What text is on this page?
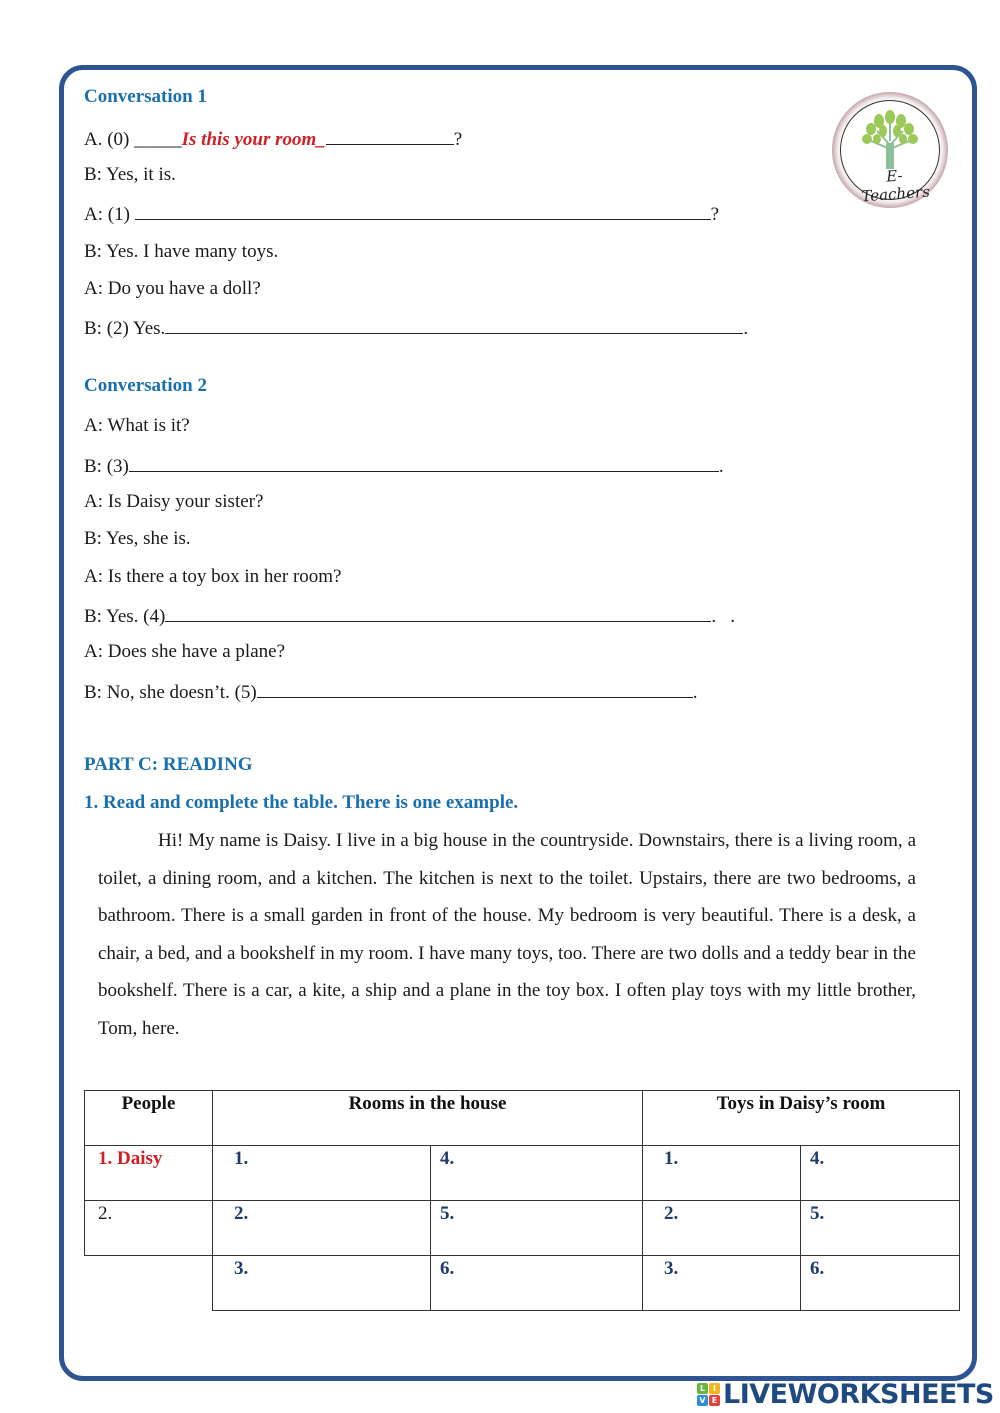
E-Teachers
Conversation 1
A. (0) _____Is this your room_	?
B: Yes, it is.
A: (1)	?
B: Yes. I have many toys.
A: Do you have a doll?
B: (2) Yes.	.
Conversation 2
A: What is it?
B: (3)	.
A: Is Daisy your sister?
B: Yes, she is.
A: Is there a toy box in her room?
B: Yes. (4)	.   .
A: Does she have a plane?
B: No, she doesn’t. (5)	.
PART C: READING
1. Read and complete the table. There is one example.
Hi! My name is Daisy. I live in a big house in the countryside. Downstairs, there is a living room, a toilet, a dining room, and a kitchen. The kitchen is next to the toilet. Upstairs, there are two bedrooms, a bathroom. There is a small garden in front of the house. My bedroom is very beautiful. There is a desk, a chair, a bed, and a bookshelf in my room. I have many toys, too. There are two dolls and a teddy bear in the bookshelf. There is a car, a kite, a ship and a plane in the toy box. I often play toys with my little brother, Tom, here.
People	Rooms in the house		Toys in Daisy’s room	
1. Daisy	1.	4.	1.	4.
2.	2.	5.	2.	5.
	3.	6.	3.	6.
L I
V E LIVEWORKSHEETS
